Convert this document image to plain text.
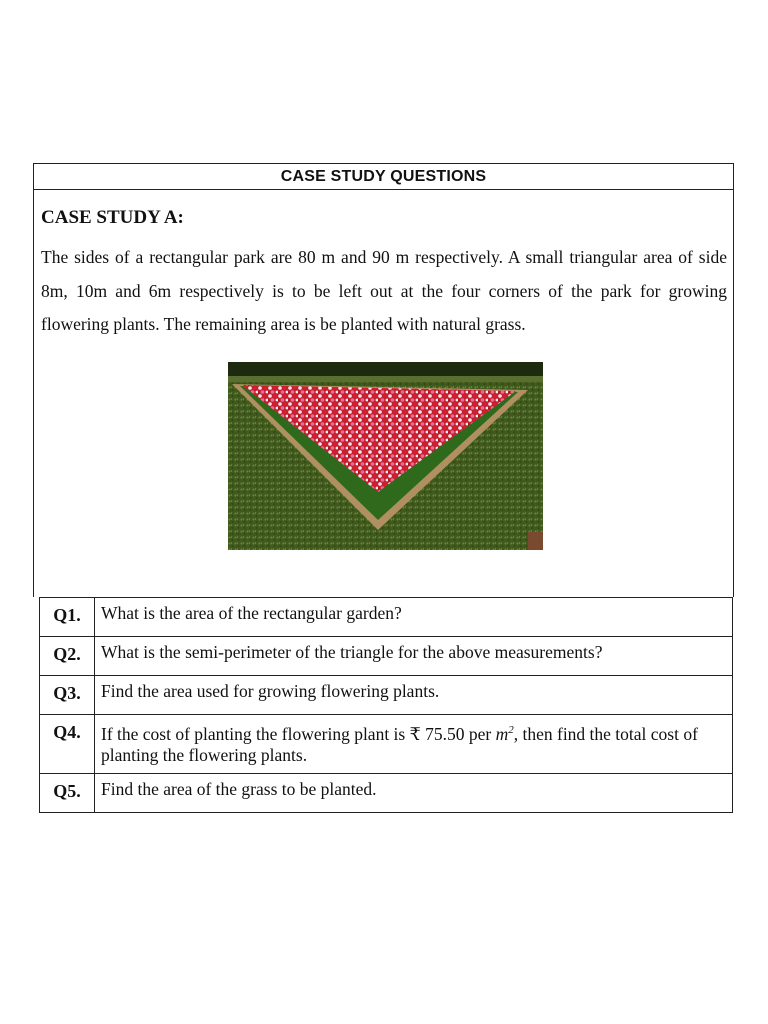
CASE STUDY QUESTIONS
CASE STUDY A:

The sides of a rectangular park are 80 m and 90 m respectively. A small triangular area of side 8m, 10m and 6m respectively is to be left out at the four corners of the park for growing flowering plants. The remaining area is be planted with natural grass.

Q1.	What is the area of the rectangular garden?
Q2.	What is the semi-perimeter of the triangle for the above measurements?
Q3.	Find the area used for growing flowering plants.
Q4.	If the cost of planting the flowering plant is ₹ 75.50 per $m^2$, then find the total cost of planting the flowering plants.
Q5.	Find the area of the grass to be planted.
